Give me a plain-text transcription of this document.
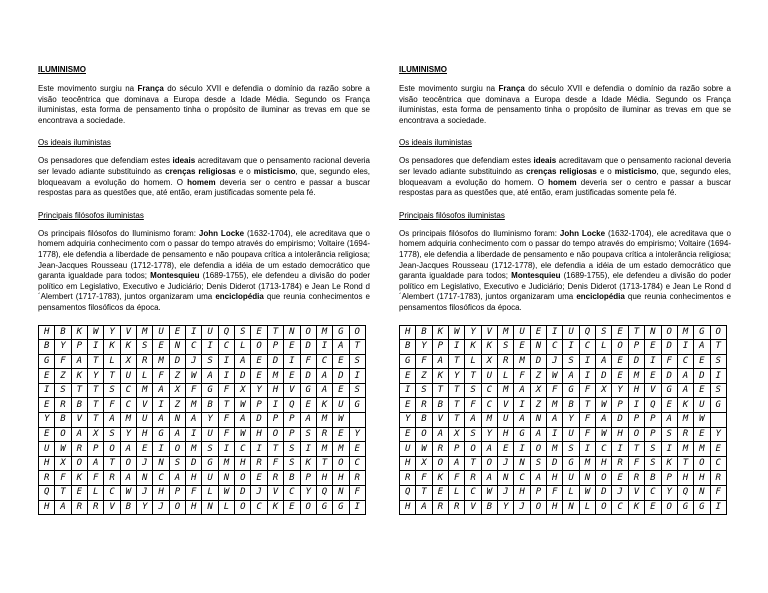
ILUMINISMO
Este movimento surgiu na França do século XVII e defendia o domínio da razão sobre a visão teocêntrica que dominava a Europa desde a Idade Média. Segundo os França iluministas, esta forma de pensamento tinha o propósito de iluminar as trevas em que se encontrava a sociedade.
Os ideais iluministas
Os pensadores que defendiam estes ideais acreditavam que o pensamento racional deveria ser levado adiante substituindo as crenças religiosas e o misticismo, que, segundo eles, bloqueavam a evolução do homem. O homem deveria ser o centro e passar a buscar respostas para as questões que, até então, eram justificadas somente pela fé.
Principais filósofos iluministas
Os principais filósofos do Iluminismo foram: John Locke (1632-1704), ele acreditava que o homem adquiria conhecimento com o passar do tempo através do empirismo; Voltaire (1694-1778), ele defendia a liberdade de pensamento e não poupava crítica a intolerância religiosa; Jean-Jacques Rousseau (1712-1778), ele defendia a idéia de um estado democrático que garanta igualdade para todos; Montesquieu (1689-1755), ele defendeu a divisão do poder político em Legislativo, Executivo e Judiciário; Denis Diderot (1713-1784) e Jean Le Rond d´Alembert (1717-1783), juntos organizaram uma enciclopédia que reunia conhecimentos e pensamentos filosóficos da época.
H	B	K	W	Y	V	M	U	E	I	U	Q	S	E	T	N	O	M	G	O
B	Y	P	I	K	K	S	E	N	C	I	C	L	O	P	E	D	I	A	T
G	F	A	T	L	X	R	M	D	J	S	I	A	E	D	I	F	C	E	S
E	Z	K	Y	T	U	L	F	Z	W	A	I	D	E	M	E	D	A	D	I
I	S	T	T	S	C	M	A	X	F	G	F	X	Y	H	V	G	A	E	S
E	R	B	T	F	C	V	I	Z	M	B	T	W	P	I	Q	E	K	U	G
Y	B	V	T	A	M	U	A	N	A	Y	F	A	D	P	P	A	M	W	
E	O	A	X	S	Y	H	G	A	I	U	F	W	H	O	P	S	R	E	Y
U	W	R	P	O	A	E	I	O	M	S	I	C	I	T	S	I	M	M	E
H	X	O	A	T	O	J	N	S	D	G	M	H	R	F	S	K	T	O	C
R	F	K	F	R	A	N	C	A	H	U	N	O	E	R	B	P	H	H	R
Q	T	E	L	C	W	J	H	P	F	L	W	D	J	V	C	Y	Q	N	F
H	A	R	R	V	B	Y	J	O	H	N	L	O	C	K	E	O	G	G	I
ILUMINISMO
Este movimento surgiu na França do século XVII e defendia o domínio da razão sobre a visão teocêntrica que dominava a Europa desde a Idade Média. Segundo os França iluministas, esta forma de pensamento tinha o propósito de iluminar as trevas em que se encontrava a sociedade.
Os ideais iluministas
Os pensadores que defendiam estes ideais acreditavam que o pensamento racional deveria ser levado adiante substituindo as crenças religiosas e o misticismo, que, segundo eles, bloqueavam a evolução do homem. O homem deveria ser o centro e passar a buscar respostas para as questões que, até então, eram justificadas somente pela fé.
Principais filósofos iluministas
Os principais filósofos do Iluminismo foram: John Locke (1632-1704), ele acreditava que o homem adquiria conhecimento com o passar do tempo através do empirismo; Voltaire (1694-1778), ele defendia a liberdade de pensamento e não poupava crítica a intolerância religiosa; Jean-Jacques Rousseau (1712-1778), ele defendia a idéia de um estado democrático que garanta igualdade para todos; Montesquieu (1689-1755), ele defendeu a divisão do poder político em Legislativo, Executivo e Judiciário; Denis Diderot (1713-1784) e Jean Le Rond d´Alembert (1717-1783), juntos organizaram uma enciclopédia que reunia conhecimentos e pensamentos filosóficos da época.
H	B	K	W	Y	V	M	U	E	I	U	Q	S	E	T	N	O	M	G	O
B	Y	P	I	K	K	S	E	N	C	I	C	L	O	P	E	D	I	A	T
G	F	A	T	L	X	R	M	D	J	S	I	A	E	D	I	F	C	E	S
E	Z	K	Y	T	U	L	F	Z	W	A	I	D	E	M	E	D	A	D	I
I	S	T	T	S	C	M	A	X	F	G	F	X	Y	H	V	G	A	E	S
E	R	B	T	F	C	V	I	Z	M	B	T	W	P	I	Q	E	K	U	G
Y	B	V	T	A	M	U	A	N	A	Y	F	A	D	P	P	A	M	W	
E	O	A	X	S	Y	H	G	A	I	U	F	W	H	O	P	S	R	E	Y
U	W	R	P	O	A	E	I	O	M	S	I	C	I	T	S	I	M	M	E
H	X	O	A	T	O	J	N	S	D	G	M	H	R	F	S	K	T	O	C
R	F	K	F	R	A	N	C	A	H	U	N	O	E	R	B	P	H	H	R
Q	T	E	L	C	W	J	H	P	F	L	W	D	J	V	C	Y	Q	N	F
H	A	R	R	V	B	Y	J	O	H	N	L	O	C	K	E	O	G	G	I
